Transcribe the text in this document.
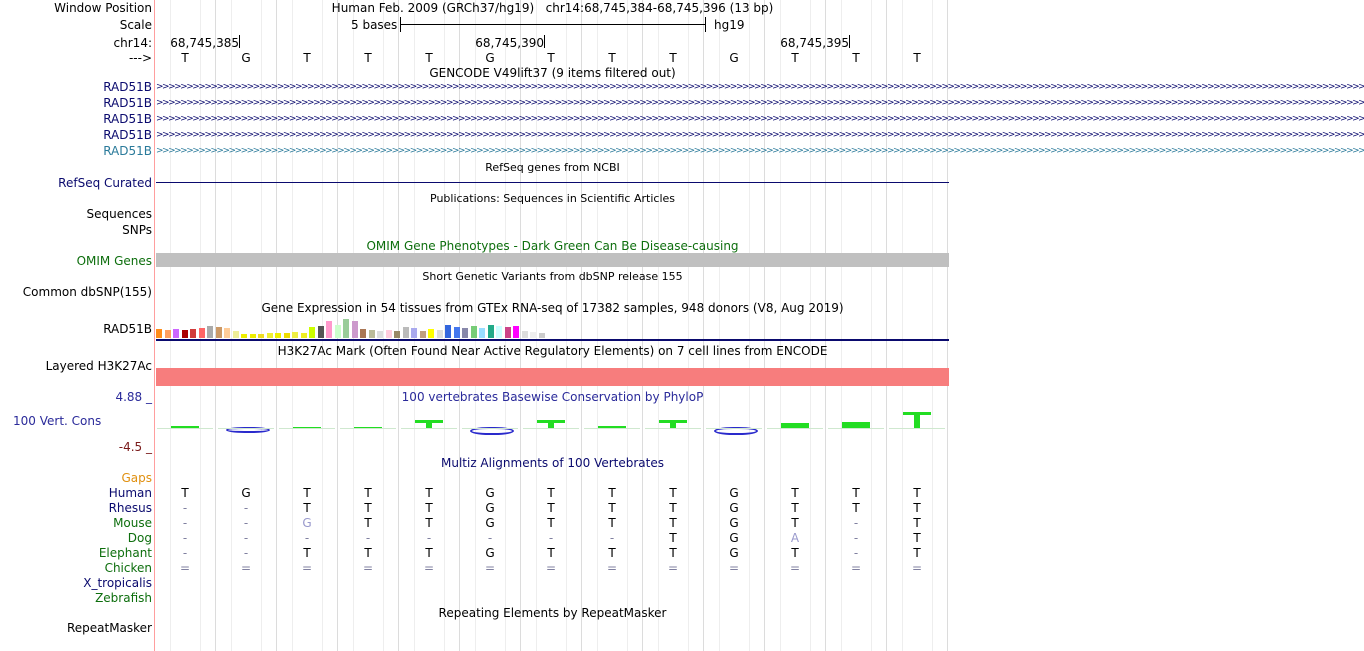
Window Position	Human Feb. 2009 (GRCh37/hg19)   chr14:68,745,384-68,745,396 (13 bp)
Scale	5 bases	hg19
chr14:
--->
68,745,385	68,745,390	68,745,395
T	G	T	T	T	G	T	T	T	G	T	T	T
GENCODE V49lift37 (9 items filtered out)
RAD51B
RAD51B
RAD51B
RAD51B
RAD51B
>>>>>>>>>>>>>>>>>>>>>>>>>>>>>>>>>>>>>>>>>>>>>>>>>>>>>>>>>>>>>>>>>>>>>>>>>>>>>>>>>>>>>>>>>>>>>>>>>>>>>>>>>>>>>>>>>>>>>>>>>>>>>>>>>>>>>>>>>>>>>>>>>>>>>>>>>>>>>>>>>>>>>>>>>>>>>>>>>>>>>>>>>>>>>>>>>>>>>>>>
>>>>>>>>>>>>>>>>>>>>>>>>>>>>>>>>>>>>>>>>>>>>>>>>>>>>>>>>>>>>>>>>>>>>>>>>>>>>>>>>>>>>>>>>>>>>>>>>>>>>>>>>>>>>>>>>>>>>>>>>>>>>>>>>>>>>>>>>>>>>>>>>>>>>>>>>>>>>>>>>>>>>>>>>>>>>>>>>>>>>>>>>>>>>>>>>>>>>>>>>
>>>>>>>>>>>>>>>>>>>>>>>>>>>>>>>>>>>>>>>>>>>>>>>>>>>>>>>>>>>>>>>>>>>>>>>>>>>>>>>>>>>>>>>>>>>>>>>>>>>>>>>>>>>>>>>>>>>>>>>>>>>>>>>>>>>>>>>>>>>>>>>>>>>>>>>>>>>>>>>>>>>>>>>>>>>>>>>>>>>>>>>>>>>>>>>>>>>>>>>>
>>>>>>>>>>>>>>>>>>>>>>>>>>>>>>>>>>>>>>>>>>>>>>>>>>>>>>>>>>>>>>>>>>>>>>>>>>>>>>>>>>>>>>>>>>>>>>>>>>>>>>>>>>>>>>>>>>>>>>>>>>>>>>>>>>>>>>>>>>>>>>>>>>>>>>>>>>>>>>>>>>>>>>>>>>>>>>>>>>>>>>>>>>>>>>>>>>>>>>>>
>>>>>>>>>>>>>>>>>>>>>>>>>>>>>>>>>>>>>>>>>>>>>>>>>>>>>>>>>>>>>>>>>>>>>>>>>>>>>>>>>>>>>>>>>>>>>>>>>>>>>>>>>>>>>>>>>>>>>>>>>>>>>>>>>>>>>>>>>>>>>>>>>>>>>>>>>>>>>>>>>>>>>>>>>>>>>>>>>>>>>>>>>>>>>>>>>>>>>>>>
RefSeq genes from NCBI
RefSeq Curated
Publications: Sequences in Scientific Articles
Sequences
SNPs
OMIM Gene Phenotypes - Dark Green Can Be Disease-causing
OMIM Genes
Short Genetic Variants from dbSNP release 155
Common dbSNP(155)
Gene Expression in 54 tissues from GTEx RNA-seq of 17382 samples, 948 donors (V8, Aug 2019)
RAD51B
H3K27Ac Mark (Often Found Near Active Regulatory Elements) on 7 cell lines from ENCODE
Layered H3K27Ac
100 vertebrates Basewise Conservation by PhyloP
4.88 _
100 Vert. Cons
-4.5 _
Multiz Alignments of 100 Vertebrates
Gaps
Human	T	G	T	T	T	G	T	T	T	G	T	T	T
Rhesus	-	-	T	T	T	G	T	T	T	G	T	T	T
Mouse	-	-	G	T	T	G	T	T	T	G	T	-	T
Dog	-	-	-	-	-	-	-	-	T	G	A	-	T
Elephant	-	-	T	T	T	G	T	T	T	G	T	-	T
Chicken	=	=	=	=	=	=	=	=	=	=	=	=	=
X_tropicalis
Zebrafish
Repeating Elements by RepeatMasker
RepeatMasker
